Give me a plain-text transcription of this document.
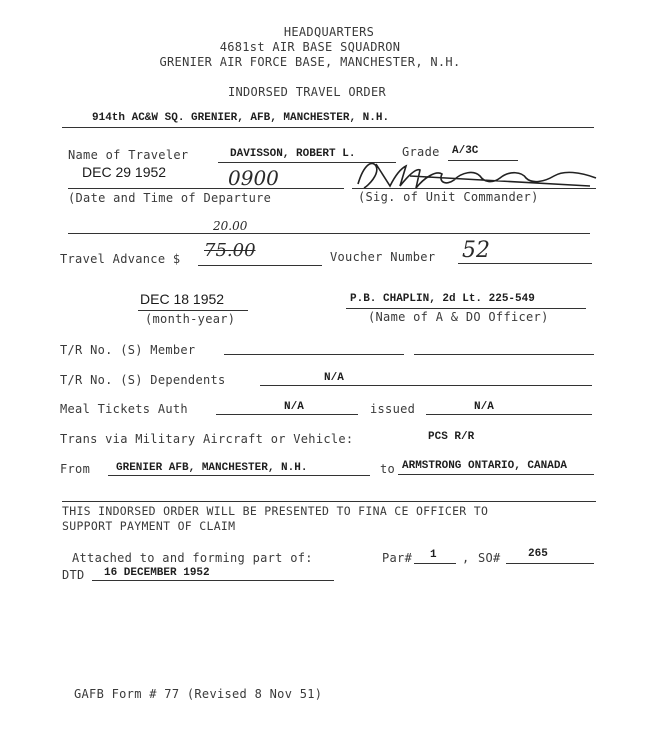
HEADQUARTERS
4681st AIR BASE SQUADRON
GRENIER AIR FORCE BASE, MANCHESTER, N.H.
INDORSED TRAVEL ORDER
914th AC&W SQ. GRENIER, AFB, MANCHESTER, N.H.
Name of Traveler	DAVISSON, ROBERT L.	Grade A/3C
DEC 29 1952	0900
(Date and Time of Departure	(Sig. of Unit Commander)
20.00
Travel Advance $ 75.00	Voucher Number 52
DEC 18 1952
(month-year)
P.B. CHAPLIN, 2d Lt. 225-549
(Name of A & DO Officer)
T/R No. (S) Member
T/R No. (S) Dependents	N/A
Meal Tickets Auth	N/A	issued	N/A
Trans via Military Aircraft or Vehicle:	PCS R/R
From GRENIER AFB, MANCHESTER, N.H.	to ARMSTRONG ONTARIO, CANADA
THIS INDORSED ORDER WILL BE PRESENTED TO FINA CE OFFICER TO
SUPPORT PAYMENT OF CLAIM
Attached to and forming part of:	Par# 1 , SO# 265
DTD 16 DECEMBER 1952
GAFB Form # 77 (Revised 8 Nov 51)
